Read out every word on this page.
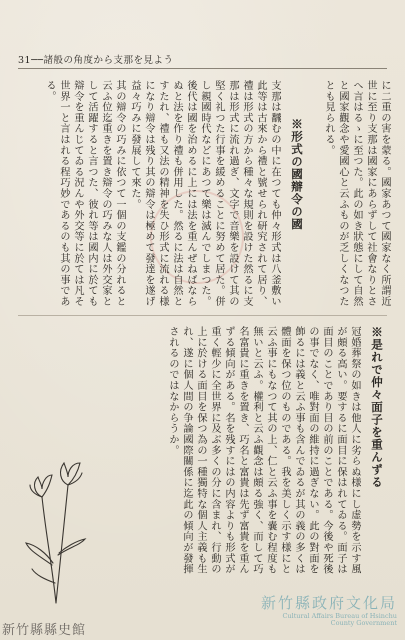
31──諸般の角度から支那を見よう

に二重の害を蒙る。國家あつて國家なく所謂近世に至り支那は國家にあらずして社會なりとさへ言はるゝに至つた。此の如き狀態にして自然と國家觀念や愛國心と云ふものが乏しくなつたとも見られる。

※形式の國辯令の國

支那は飜むの中に在つても仲々形式は八釜敷い此等は古來から禮と號せられ研究されて居り、禮は形式の方から種々な規則を設けた然るに支那は形式に流れ過ぎ、文字で音樂を設けて其の堅く礼つた行事を緩めることに努めて居た。併し親國時代などにあつて樂は滅んでしまつた。後代は國を治めるに上には法を重んぜねばならぬと法を作り禮も併用した。然るに法は自然とすたれ、禮も又法の精神を失ひ形式に流れる様になり辯令は残り其の辯令は極めて發達を遂げ益々巧みに發展して來た。

其の辯令の巧みに依つて一個の支鑑の分れると云ふ位迄重きを置き辯令の巧みな人は外交家として活躍すると言つた、彼れ等は國内に於ても辯令を重んじてゐる況んや外交等に於ては凡そ世界一と言はれる程巧妙であるのも其の事である。

※是れで仲々面子を重んずる

冠婚葬祭の如きは他人に劣らぬ様にし虚勢を示す風が頗る高い。要するに面目に保はれてゐる。面子は面目のことであり目の前のことである。今後や死後の事でなく、唯對面の維持に過ぎない。此の對面を飾るには義と云ふ事も含んでゐるが其の義の多くは體面を保つ位のものである。我を美しく示す様にと云ふ事にもなつて其の上、仁と云ふ事を嚢む程度も無いと云ふ。權利と云ふ觀念は頗る強く、而して巧名富貴に重きを置き、巧名と富貴は先ず富貴を重んずる傾向がある。名を残すにはの内容よりも形式が重く輕少に全世界に及ぶ多くの分に含まれ、行動の上に於ける面目を保つ為の一種獨特な個人主義も生れ、遂に個人間の争論國際關係に迄此の傾向が發揮されるのではなからうか。

新竹縣縣史館
新竹縣政府文化局
Cultural Affairs Bureau of Hsinchu
County Government
